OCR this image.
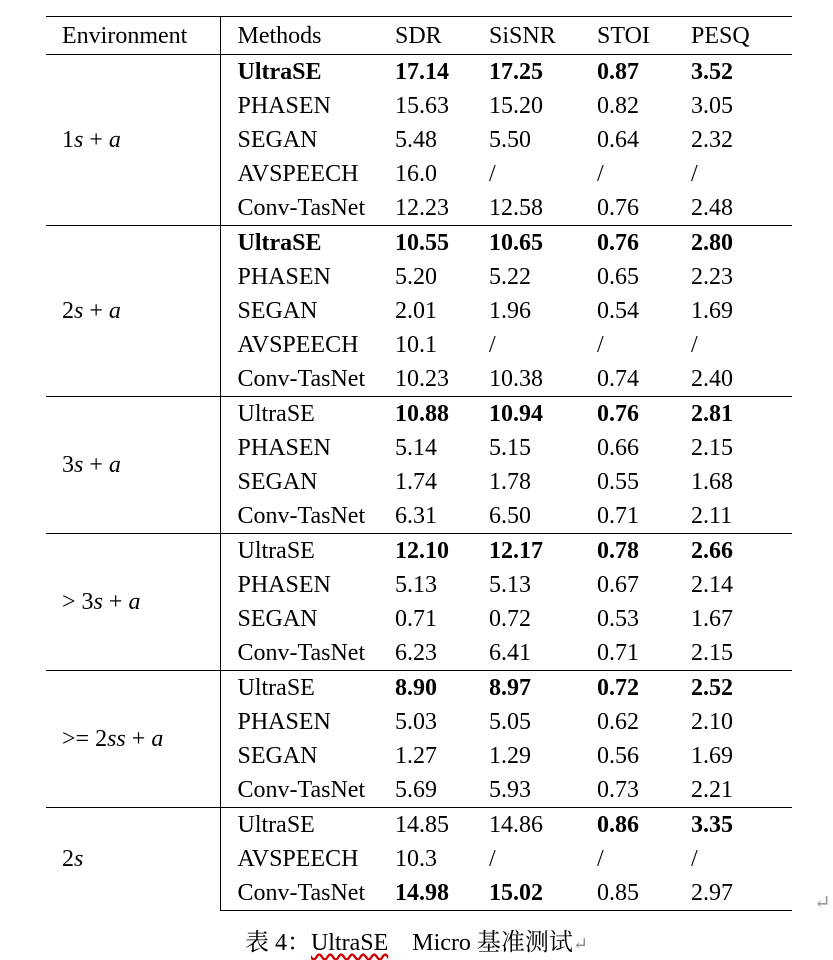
Environment	Methods	SDR	SiSNR	STOI	PESQ
1s + a	UltraSE	17.14	17.25	0.87	3.52
	PHASEN	15.63	15.20	0.82	3.05
	SEGAN	5.48	5.50	0.64	2.32
	AVSPEECH	16.0	/	/	/
	Conv-TasNet	12.23	12.58	0.76	2.48
2s + a	UltraSE	10.55	10.65	0.76	2.80
	PHASEN	5.20	5.22	0.65	2.23
	SEGAN	2.01	1.96	0.54	1.69
	AVSPEECH	10.1	/	/	/
	Conv-TasNet	10.23	10.38	0.74	2.40
3s + a	UltraSE	10.88	10.94	0.76	2.81
	PHASEN	5.14	5.15	0.66	2.15
	SEGAN	1.74	1.78	0.55	1.68
	Conv-TasNet	6.31	6.50	0.71	2.11
> 3s + a	UltraSE	12.10	12.17	0.78	2.66
	PHASEN	5.13	5.13	0.67	2.14
	SEGAN	0.71	0.72	0.53	1.67
	Conv-TasNet	6.23	6.41	0.71	2.15
>= 2ss + a	UltraSE	8.90	8.97	0.72	2.52
	PHASEN	5.03	5.05	0.62	2.10
	SEGAN	1.27	1.29	0.56	1.69
	Conv-TasNet	5.69	5.93	0.73	2.21
2s	UltraSE	14.85	14.86	0.86	3.35
	AVSPEECH	10.3	/	/	/
	Conv-TasNet	14.98	15.02	0.85	2.97	↵
表 4：UltraSE Micro 基准测试↵
